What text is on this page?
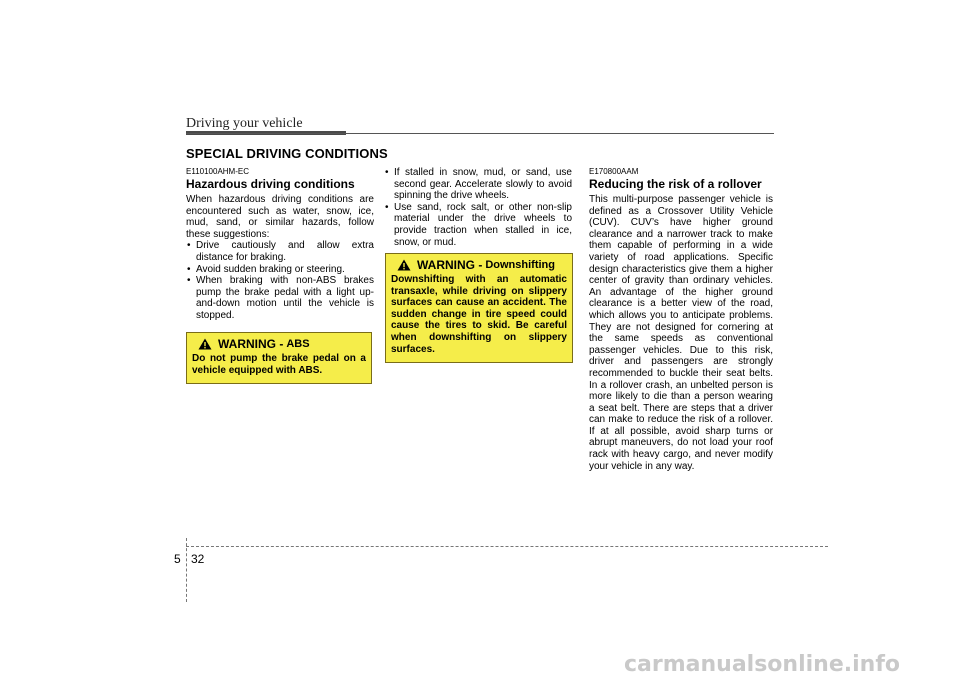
Driving your vehicle
SPECIAL DRIVING CONDITIONS
E110100AHM-EC
Hazardous driving conditions

When hazardous driving conditions are encountered such as water, snow, ice, mud, sand, or similar hazards, follow these suggestions:

• Drive cautiously and allow extra distance for braking.
• Avoid sudden braking or steering.
• When braking with non-ABS brakes pump the brake pedal with a light up-and-down motion until the vehicle is stopped.
WARNING - ABS
Do not pump the brake pedal on a vehicle equipped with ABS.
• If stalled in snow, mud, or sand, use second gear. Accelerate slowly to avoid spinning the drive wheels.
• Use sand, rock salt, or other non-slip material under the drive wheels to provide traction when stalled in ice, snow, or mud.
WARNING - Downshifting
Downshifting with an automatic transaxle, while driving on slippery surfaces can cause an accident. The sudden change in tire speed could cause the tires to skid. Be careful when downshifting on slippery surfaces.
E170800AAM
Reducing the risk of a rollover

This multi-purpose passenger vehicle is defined as a Crossover Utility Vehicle (CUV). CUV’s have higher ground clearance and a narrower track to make them capable of performing in a wide variety of road applications. Specific design characteristics give them a higher center of gravity than ordinary vehicles. An advantage of the higher ground clearance is a better view of the road, which allows you to anticipate problems. They are not designed for cornering at the same speeds as conventional passenger vehicles. Due to this risk, driver and passengers are strongly recommended to buckle their seat belts. In a rollover crash, an unbelted person is more likely to die than a person wearing a seat belt. There are steps that a driver can make to reduce the risk of a rollover. If at all possible, avoid sharp turns or abrupt maneuvers, do not load your roof rack with heavy cargo, and never modify your vehicle in any way.

5 32
carmanualsonline.info
